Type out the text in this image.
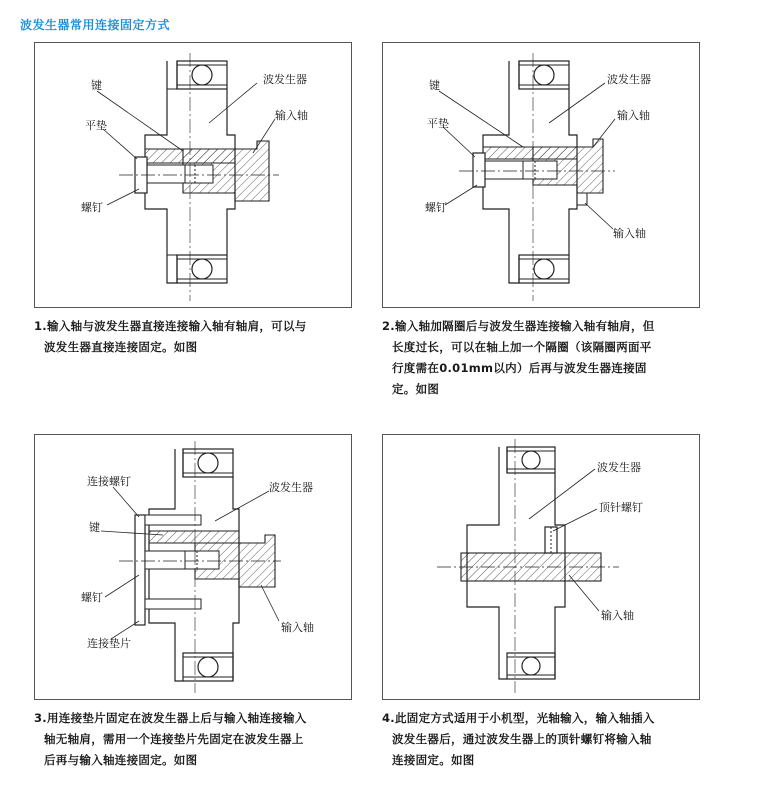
波发生器常用连接固定方式
波发生器
键
平垫
螺钉
输入轴

1.输入轴与波发生器直接连接输入轴有轴肩，可以与

波发生器直接连接固定。如图

波发生器
键
平垫
螺钉
输入轴
输入轴

2.输入轴加隔圈后与波发生器连接输入轴有轴肩，但

长度过长，可以在轴上加一个隔圈（该隔圈两面平

行度需在0.01mm以内）后再与波发生器连接固

定。如图

波发生器
连接螺钉
键
螺钉
连接垫片
输入轴

3.用连接垫片固定在波发生器上后与输入轴连接输入

轴无轴肩，需用一个连接垫片先固定在波发生器上

后再与输入轴连接固定。如图

波发生器
顶针螺钉
输入轴

4.此固定方式适用于小机型，光轴输入，输入轴插入

波发生器后，通过波发生器上的顶针螺钉将输入轴

连接固定。如图
